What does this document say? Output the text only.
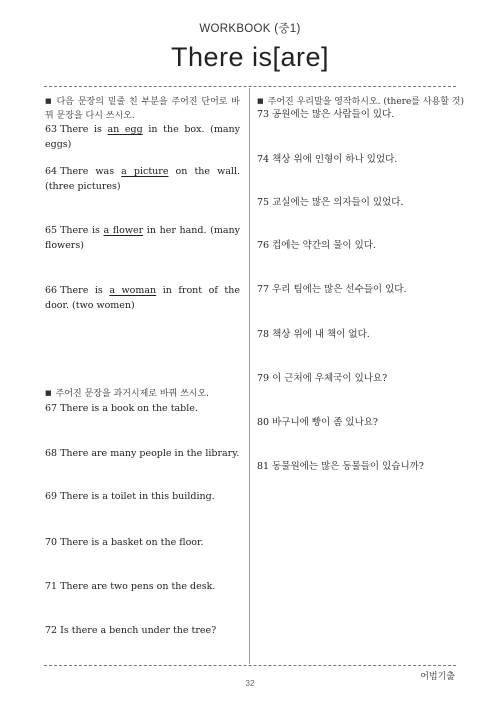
WORKBOOK (중1)
There is[are]
■ 다음 문장의 밑줄 친 부분을 주어진 단어로 바꿔 문장을 다시 쓰시오.
63 There is an egg in the box. (many eggs)
64 There was a picture on the wall. (three pictures)
65 There is a flower in her hand. (many flowers)
66 There is a woman in front of the door. (two women)
■ 주어진 문장을 과거시제로 바꿔 쓰시오.
67 There is a book on the table.
68 There are many people in the library.
69 There is a toilet in this building.
70 There is a basket on the floor.
71 There are two pens on the desk.
72 Is there a bench under the tree?
■ 주어진 우리말을 영작하시오. (there를 사용할 것)
73 공원에는 많은 사람들이 있다.
74 책상 위에 인형이 하나 있었다.
75 교실에는 많은 의자들이 있었다.
76 컵에는 약간의 물이 있다.
77 우리 팀에는 많은 선수들이 있다.
78 책상 위에 내 책이 없다.
79 이 근처에 우체국이 있나요?
80 바구니에 빵이 좀 있나요?
81 동물원에는 많은 동물들이 있습니까?
어법기출
32
